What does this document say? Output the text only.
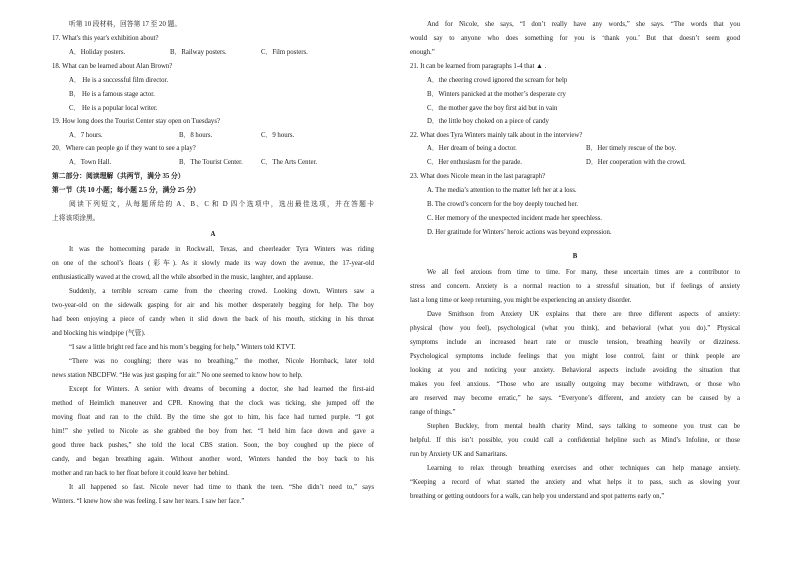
听第 10 段材料，回答第 17 至 20 题。
17. What's this year's exhibition about?
A．Holiday posters.	B．Railway posters.	C．Film posters.
18. What can be learned about Alan Brown?
A． He is a successful film director.
B． He is a famous stage actor.
C． He is a popular local writer.
19. How long does the Tourist Center stay open on Tuesdays?
A．7 hours.	B．8 hours.	C．9 hours.
20．Where can people go if they want to see a play?
A．Town Hall.	B．The Tourist Center.	C．The Arts Center.
第二部分：阅读理解（共两节，满分 35 分）
第一节（共 10 小题；每小题 2.5 分，满分 25 分）
阅读下列短文，从每题所给的 A、B、C 和 D 四个选项中，选出最佳选项，并在答题卡
上将该项涂黑。
A
It was the homecoming parade in Rockwall, Texas, and cheerleader Tyra Winters was riding
on one of the school’s floats (彩车). As it slowly made its way down the avenue, the 17-year-old
enthusiastically waved at the crowd, all the while absorbed in the music, laughter, and applause.
Suddenly, a terrible scream came from the cheering crowd. Looking down, Winters saw a
two-year-old on the sidewalk gasping for air and his mother desperately begging for help. The boy
had been enjoying a piece of candy when it slid down the back of his mouth, sticking in his throat
and blocking his windpipe (气管).
“I saw a little bright red face and his mom’s begging for help,” Winters told KTVT.
“There was no coughing; there was no breathing,” the mother, Nicole Hornback, later told
news station NBCDFW. “He was just gasping for air.” No one seemed to know how to help.
Except for Winters. A senior with dreams of becoming a doctor, she had learned the first-aid
method of Heimlich maneuver and CPR. Knowing that the clock was ticking, she jumped off the
moving float and ran to the child. By the time she got to him, his face had turned purple. “I got
him!” she yelled to Nicole as she grabbed the boy from her. “I held him face down and gave a
good three back pushes,” she told the local CBS station. Soon, the boy coughed up the piece of
candy, and began breathing again. Without another word, Winters handed the boy back to his
mother and ran back to her float before it could leave her behind.
It all happened so fast. Nicole never had time to thank the teen. “She didn’t need to,” says
Winters. “I knew how she was feeling. I saw her tears. I saw her face.”
And for Nicole, she says, “I don’t really have any words,” she says. “The words that you
would say to anyone who does something for you is ‘thank you.’ But that doesn’t seem good
enough.”
21. It can be learned from paragraphs 1-4 that ▲ .
A．the cheering crowd ignored the scream for help
B．Winters panicked at the mother’s desperate cry
C．the mother gave the boy first aid but in vain
D．the little boy choked on a piece of candy
22. What does Tyra Winters mainly talk about in the interview?
A．Her dream of being a doctor.	B．Her timely rescue of the boy.
C．Her enthusiasm for the parade.	D．Her cooperation with the crowd.
23. What does Nicole mean in the last paragraph?
A. The media’s attention to the matter left her at a loss.
B. The crowd’s concern for the boy deeply touched her.
C. Her memory of the unexpected incident made her speechless.
D. Her gratitude for Winters’ heroic actions was beyond expression.
B
We all feel anxious from time to time. For many, these uncertain times are a contributor to
stress and concern. Anxiety is a normal reaction to a stressful situation, but if feelings of anxiety
last a long time or keep returning, you might be experiencing an anxiety disorder.
Dave Smithson from Anxiety UK explains that there are three different aspects of anxiety:
physical (how you feel), psychological (what you think), and behavioral (what you do).” Physical
symptoms include an increased heart rate or muscle tension, breathing heavily or dizziness.
Psychological symptoms include feelings that you might lose control, faint or think people are
looking at you and noticing your anxiety. Behavioral aspects include avoiding the situation that
makes you feel anxious. “Those who are usually outgoing may become withdrawn, or those who
are reserved may become erratic,” he says. “Everyone’s different, and anxiety can be caused by a
range of things.”
Stephen Buckley, from mental health charity Mind, says talking to someone you trust can be
helpful. If this isn’t possible, you could call a confidential helpline such as Mind’s Infoline, or those
run by Anxiety UK and Samaritans.
Learning to relax through breathing exercises and other techniques can help manage anxiety.
“Keeping a record of what started the anxiety and what helps it to pass, such as slowing your
breathing or getting outdoors for a walk, can help you understand and spot patterns early on,”
